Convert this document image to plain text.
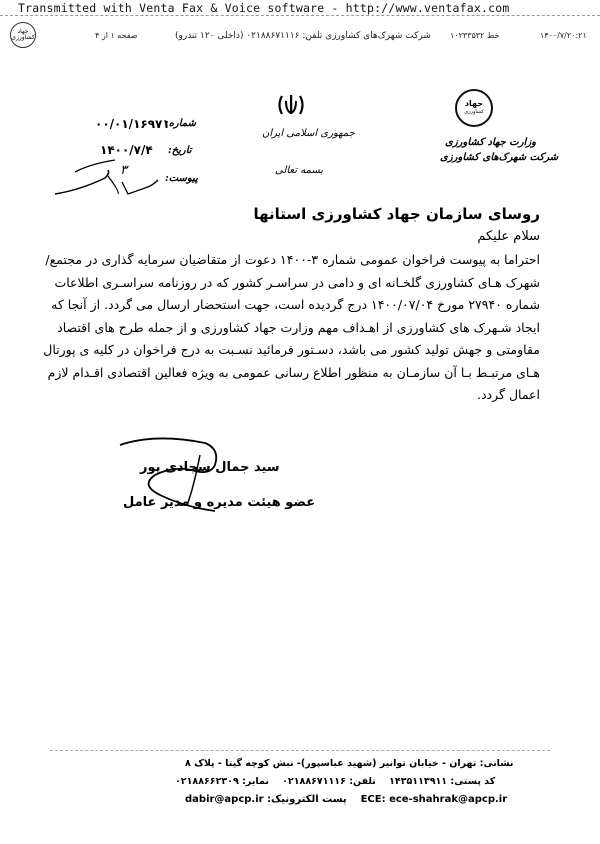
Transmitted with Venta Fax & Voice software - http://www.ventafax.com
جهاد کشاورزی	صفحه ۱ از ۴	شرکت شهرک‌های کشاورزی تلفن: ۰۲۱۸۸۶۷۱۱۱۶ (داخلی ۱۲۰ تندرو)	خط ۱۰۲۳۳۵۳۲	۱۴۰۰/۷/۲۰:۲۱
جهاد
کشاورزی
وزارت جهاد کشاورزی
شرکت شهرک‌های کشاورزی
جمهوری اسلامی ایران
بسمه تعالی
شماره:
۰۰/۰۱/۱۶۹۷۱
تاریخ:
۱۴۰۰/۷/۴
پیوست:
۳
روسای سازمان جهاد کشاورزی استانها
سلام علیکم
احتراما به پیوست فراخوان عمومی شماره ۳-۱۴۰۰ دعوت از متقاضیان سرمایه گذاری در مجتمع/
شهرک هـای کشاورزی گلخـانه ای و دامی در سراسـر کشور که در روزنامه سراسـری اطلاعات
شماره ۲۷۹۴۰ مورخ ۱۴۰۰/۰۷/۰۴ درج گردیده است، جهت استحضار ارسال می گردد. از آنجا که
ایجاد شـهرک های کشاورزی از اهـداف مهم وزارت جهاد کشاورزی و از جمله طرح های اقتصاد
مقاومتی و جهش تولید کشور می باشد، دسـتور فرمائید نسـبت به درج فراخوان در کلیه ی پورتال
هـای مرتبـط بـا آن سازمـان به منظور اطلاع رسانی عمومی به ویژه فعالین اقتصادی اقـدام لازم
اعمال گردد.
سید جمال سجادی پور
عضو هیئت مدیره و مدیر عامل
نشانی: تهران - خیابان توانیر (شهید عباسپور)- نبش کوچه گیتا - پلاک ۸
کد پستی: ۱۴۳۵۱۱۳۹۱۱    تلفن: ۰۲۱۸۸۶۷۱۱۱۶    نمابر: ۰۲۱۸۸۶۶۲۳۰۹
dabir@apcp.ir پست الکترونیک: ECE: ece-shahrak@apcp.ir
